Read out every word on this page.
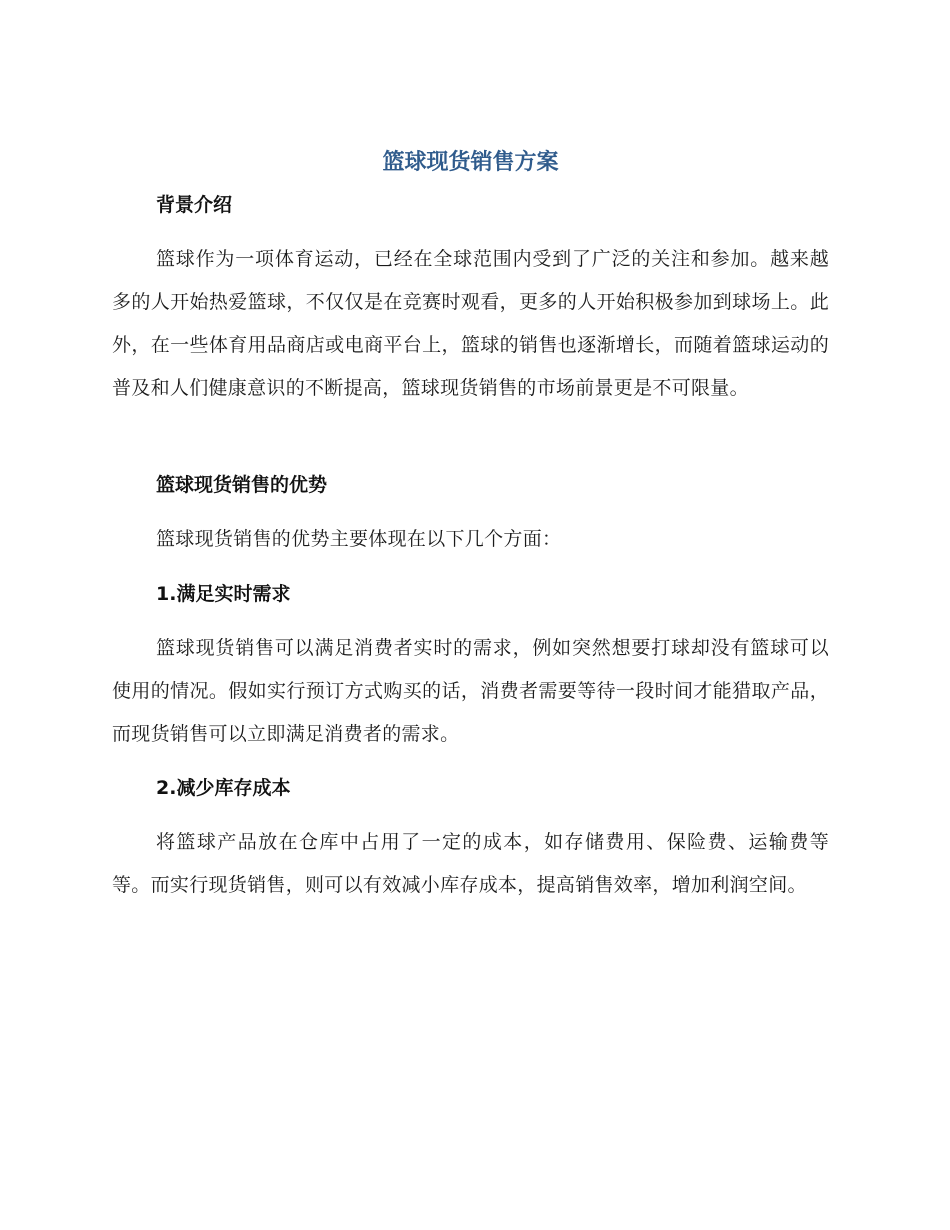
篮球现货销售方案
背景介绍

篮球作为一项体育运动，已经在全球范围内受到了广泛的关注和参加。越来越多的人开始热爱篮球，不仅仅是在竞赛时观看，更多的人开始积极参加到球场上。此外，在一些体育用品商店或电商平台上，篮球的销售也逐渐增长，而随着篮球运动的普及和人们健康意识的不断提高，篮球现货销售的市场前景更是不可限量。

篮球现货销售的优势

篮球现货销售的优势主要体现在以下几个方面：

1.满足实时需求

篮球现货销售可以满足消费者实时的需求，例如突然想要打球却没有篮球可以使用的情况。假如实行预订方式购买的话，消费者需要等待一段时间才能猎取产品，而现货销售可以立即满足消费者的需求。

2.减少库存成本

将篮球产品放在仓库中占用了一定的成本，如存储费用、保险费、运输费等等。而实行现货销售，则可以有效减小库存成本，提高销售效率，增加利润空间。
